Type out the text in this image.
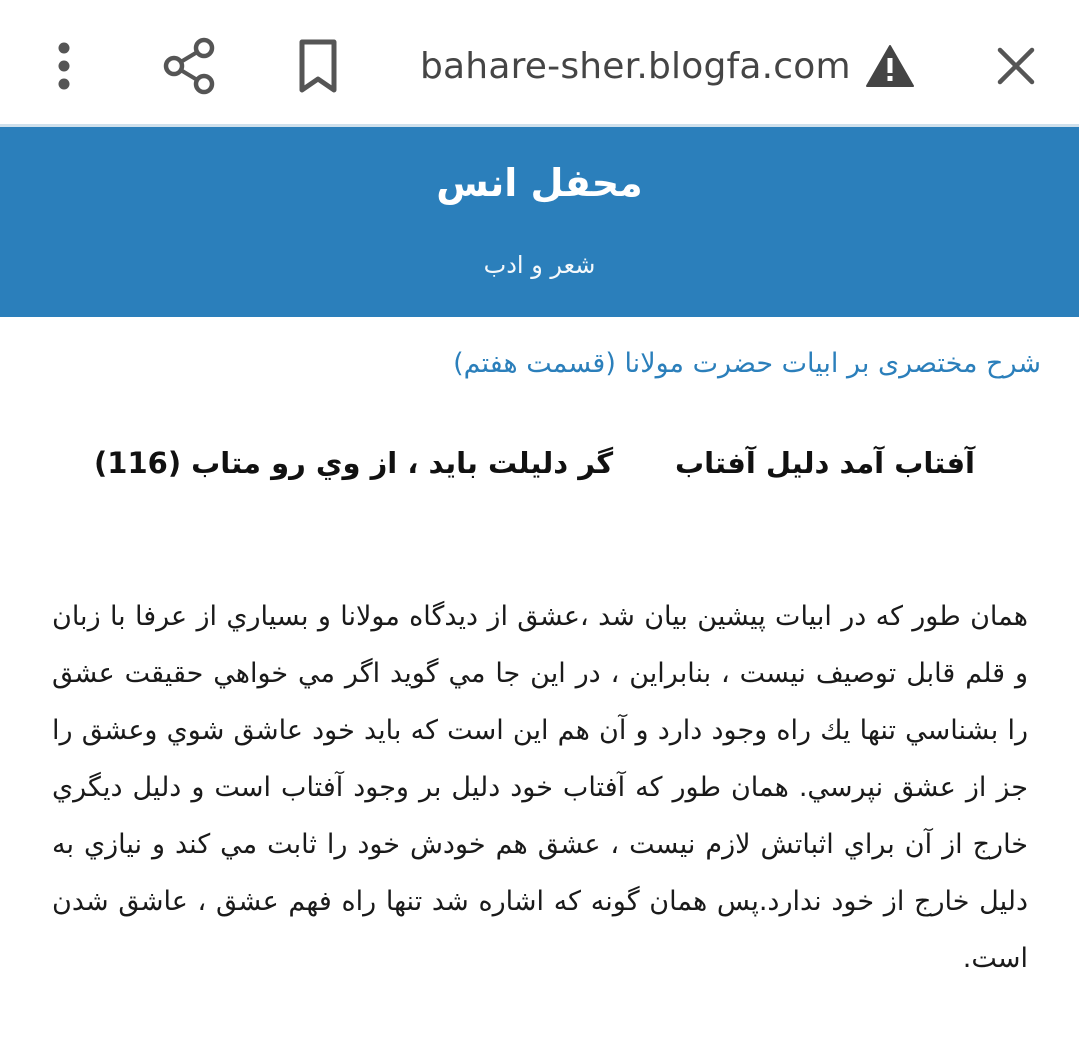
bahare-sher.blogfa.com
محفل انس
شعر و ادب
شرح مختصری بر ابیات حضرت مولانا (قسمت هفتم)
آفتاب آمد دليل آفتاب
گر دليلت بايد ، از وي رو متاب (116)
همان طور كه در ابيات پيشين بيان شد ،عشق از ديدگاه مولانا و بسياري از عرفا با زبان و قلم قابل توصيف نيست ، بنابراين ، در اين جا مي گويد اگر مي خواهي حقيقت عشق را بشناسي تنها يك راه وجود دارد و آن هم اين است كه بايد خود عاشق شوي وعشق را جز از عشق نپرسي. همان طور كه آفتاب خود دليل بر وجود آفتاب است و دليل ديگري خارج از آن براي اثباتش لازم نيست ، عشق هم خودش خود را ثابت مي كند و نيازي به دليل خارج از خود ندارد.پس همان گونه كه اشاره شد تنها راه فهم عشق ، عاشق شدن است.
